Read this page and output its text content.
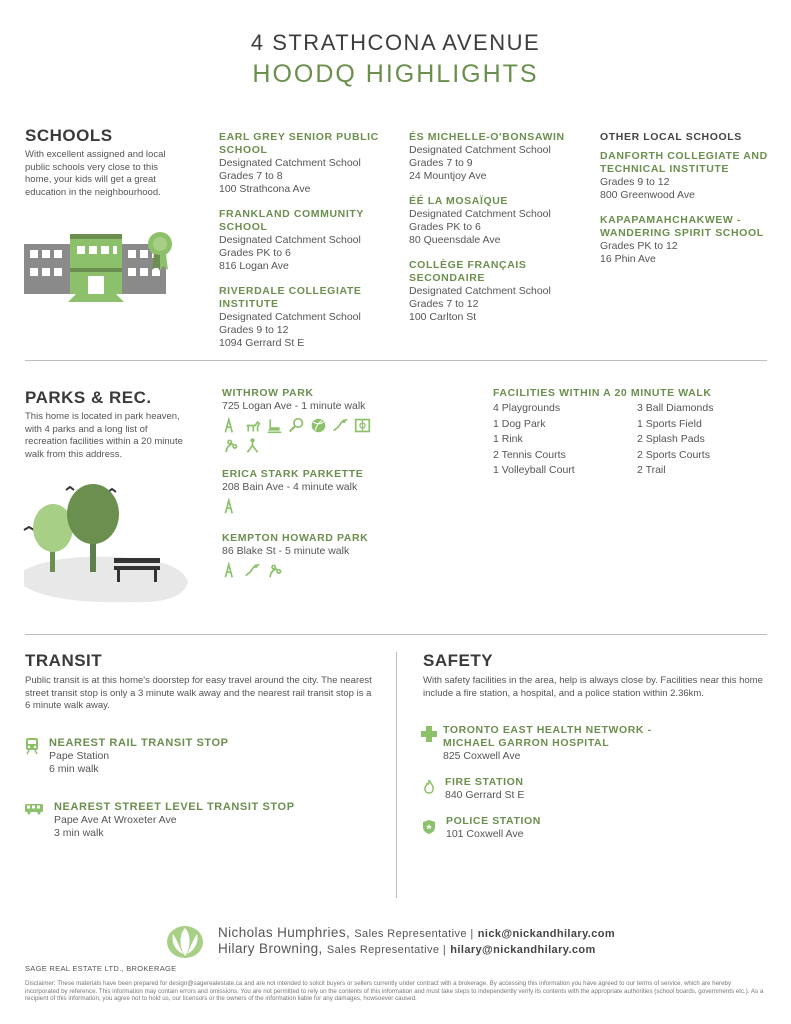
4 STRATHCONA AVENUE
HOODQ HIGHLIGHTS
SCHOOLS
With excellent assigned and local public schools very close to this home, your kids will get a great education in the neighbourhood.
EARL GREY SENIOR PUBLIC SCHOOL
Designated Catchment School
Grades 7 to 8
100 Strathcona Ave
FRANKLAND COMMUNITY SCHOOL
Designated Catchment School
Grades PK to 6
816 Logan Ave
RIVERDALE COLLEGIATE INSTITUTE
Designated Catchment School
Grades 9 to 12
1094 Gerrard St E
ÉS MICHELLE-O'BONSAWIN
Designated Catchment School
Grades 7 to 9
24 Mountjoy Ave
ÉÉ LA MOSAÏQUE
Designated Catchment School
Grades PK to 6
80 Queensdale Ave
COLLÈGE FRANÇAIS SECONDAIRE
Designated Catchment School
Grades 7 to 12
100 Carlton St
OTHER LOCAL SCHOOLS
DANFORTH COLLEGIATE AND TECHNICAL INSTITUTE
Grades 9 to 12
800 Greenwood Ave
KAPAPAMAHCHAKWEW - WANDERING SPIRIT SCHOOL
Grades PK to 12
16 Phin Ave
PARKS & REC.
This home is located in park heaven, with 4 parks and a long list of recreation facilities within a 20 minute walk from this address.
WITHROW PARK
725 Logan Ave - 1 minute walk
ERICA STARK PARKETTE
208 Bain Ave - 4 minute walk
KEMPTON HOWARD PARK
86 Blake St - 5 minute walk
FACILITIES WITHIN A 20 MINUTE WALK
4 Playgrounds
1 Dog Park
1 Rink
2 Tennis Courts
1 Volleyball Court
3 Ball Diamonds
1 Sports Field
2 Splash Pads
2 Sports Courts
2 Trail
TRANSIT
Public transit is at this home's doorstep for easy travel around the city. The nearest street transit stop is only a 3 minute walk away and the nearest rail transit stop is a 6 minute walk away.
NEAREST RAIL TRANSIT STOP
Pape Station
6 min walk
NEAREST STREET LEVEL TRANSIT STOP
Pape Ave At Wroxeter Ave
3 min walk
SAFETY
With safety facilities in the area, help is always close by. Facilities near this home include a fire station, a hospital, and a police station within 2.36km.
TORONTO EAST HEALTH NETWORK - MICHAEL GARRON HOSPITAL
825 Coxwell Ave
FIRE STATION
840 Gerrard St E
POLICE STATION
101 Coxwell Ave
Nicholas Humphries, Sales Representative | nick@nickandhilary.com
Hilary Browning, Sales Representative | hilary@nickandhilary.com
SAGE REAL ESTATE LTD., BROKERAGE
Disclaimer: These materials have been prepared for design@sagerealestate.ca and are not intended to solicit buyers or sellers currently under contract with a brokerage. By accessing this information you have agreed to our terms of service, which are hereby incorporated by reference. This information may contain errors and omissions. You are not permitted to rely on the contents of this information and must take steps to independently verify its contents with the appropriate authorities (school boards, governments etc.). As a recipient of this information, you agree not to hold us, our licensors or the owners of the information liable for any damages, howsoever caused.
